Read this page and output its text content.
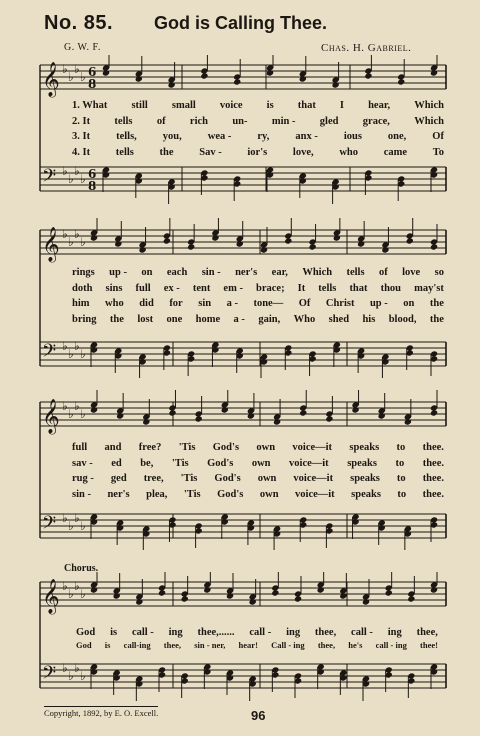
No. 85. God is Calling Thee.
G. W. F.	Chas. H. Gabriel.
𝄞 ♭
♭
♭
♭ 6
8
𝄢 ♭
♭
♭
♭ 6
8
1. What still small voice is that I hear, Which
2. It tells of rich un- min - gled grace, Which
3. It tells, you, wea - ry, anx - ious one, Of
4. It tells the Sav - ior's love, who came To
𝄞 ♭
♭
♭
♭
𝄢 ♭
♭
♭
♭
rings up - on each sin - ner's ear, Which tells of love so
doth sins full ex - tent em - brace; It tells that thou may'st
him who did for sin a - tone— Of Christ up - on the
bring the lost one home a - gain, Who shed his blood, the
𝄞 ♭
♭
♭
♭
𝄢 ♭
♭
♭
♭
full and free? 'Tis God's own voice—it speaks to thee.
sav - ed be, 'Tis God's own voice—it speaks to thee.
rug - ged tree, 'Tis God's own voice—it speaks to thee.
sin - ner's plea, 'Tis God's own voice—it speaks to thee.
Chorus.
𝄞 ♭
♭
♭
♭
𝄢 ♭
♭
♭
♭
God is call - ing thee,...... call - ing thee, call - ing thee,
God is call-ing thee, sin - ner, hear! Call - ing thee, he's call - ing thee!
Copyright, 1892, by E. O. Excell.	96
